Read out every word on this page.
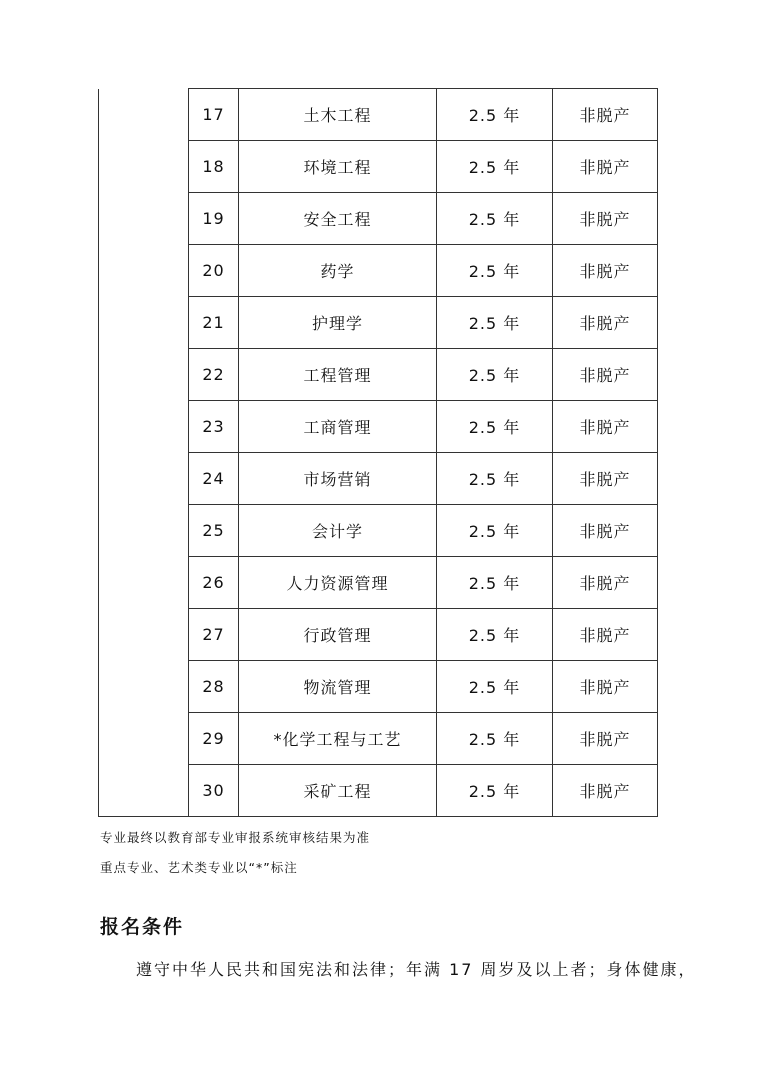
	17	土木工程	2.5 年	非脱产
	18	环境工程	2.5 年	非脱产
	19	安全工程	2.5 年	非脱产
	20	药学	2.5 年	非脱产
	21	护理学	2.5 年	非脱产
	22	工程管理	2.5 年	非脱产
	23	工商管理	2.5 年	非脱产
	24	市场营销	2.5 年	非脱产
	25	会计学	2.5 年	非脱产
	26	人力资源管理	2.5 年	非脱产
	27	行政管理	2.5 年	非脱产
	28	物流管理	2.5 年	非脱产
	29	*化学工程与工艺	2.5 年	非脱产
	30	采矿工程	2.5 年	非脱产
专业最终以教育部专业审报系统审核结果为准
重点专业、艺术类专业以“*”标注
报名条件
遵守中华人民共和国宪法和法律；年满 17 周岁及以上者；身体健康，
